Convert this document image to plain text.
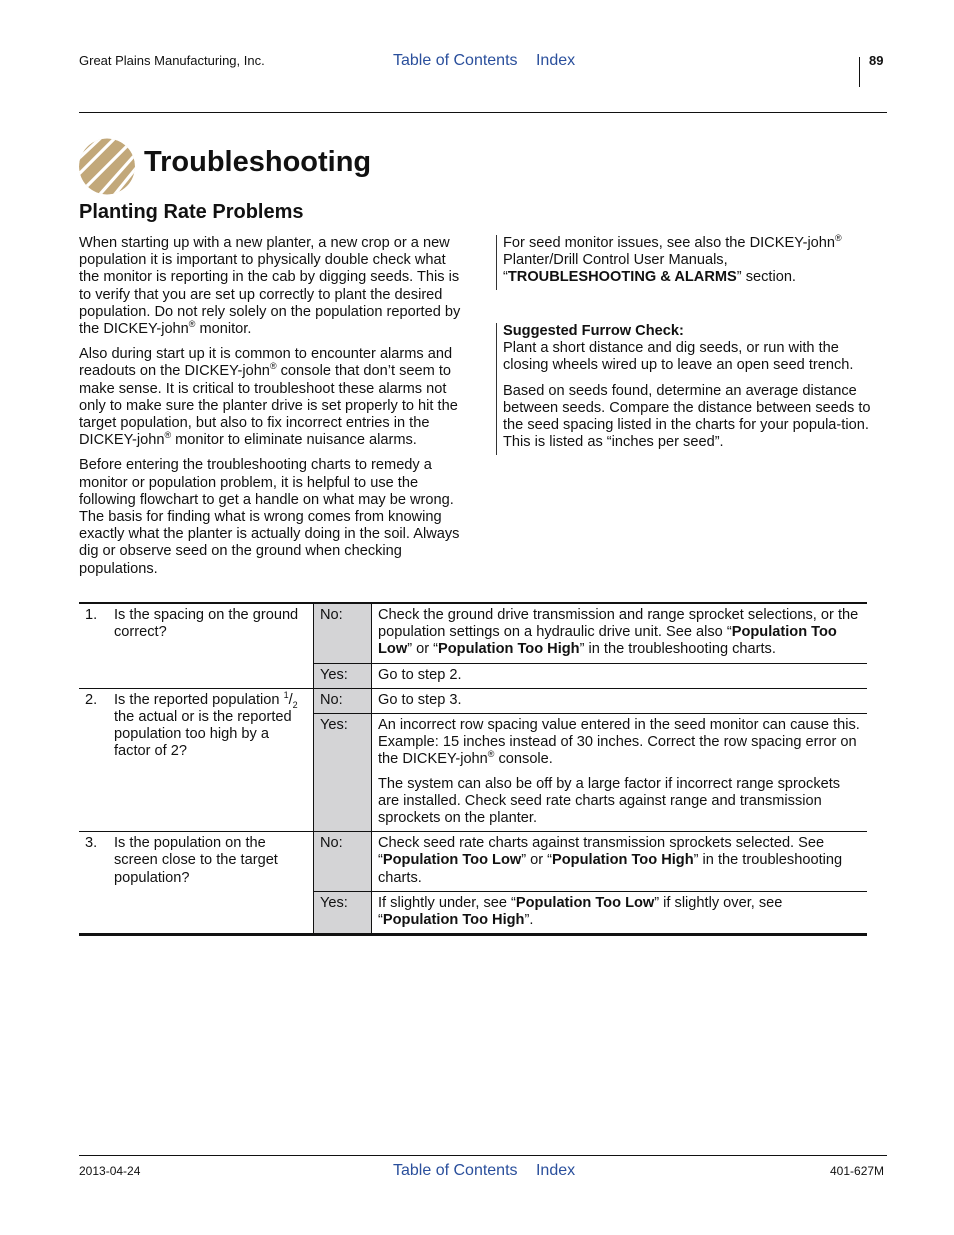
Great Plains Manufacturing, Inc.	Table of Contents Index	89
Troubleshooting
Planting Rate Problems

When starting up with a new planter, a new crop or a new population it is important to physically double check what the monitor is reporting in the cab by digging seeds. This is to verify that you are set up correctly to plant the desired population. Do not rely solely on the population reported by the DICKEY-john® monitor.

Also during start up it is common to encounter alarms and readouts on the DICKEY-john® console that don’t seem to make sense. It is critical to troubleshoot these alarms not only to make sure the planter drive is set properly to hit the target population, but also to fix incorrect entries in the DICKEY-john® monitor to eliminate nuisance alarms.

Before entering the troubleshooting charts to remedy a monitor or population problem, it is helpful to use the following flowchart to get a handle on what may be wrong. The basis for finding what is wrong comes from knowing exactly what the planter is actually doing in the soil. Always dig or observe seed on the ground when checking populations.

For seed monitor issues, see also the DICKEY-john® Planter/Drill Control User Manuals, “TROUBLESHOOTING & ALARMS” section.
Suggested Furrow Check:

Plant a short distance and dig seeds, or run with the closing wheels wired up to leave an open seed trench.

Based on seeds found, determine an average distance between seeds. Compare the distance between seeds to the seed spacing listed in the charts for your popula-tion. This is listed as “inches per seed”.

1.	Is the spacing on the ground correct?	No:	Check the ground drive transmission and range sprocket selections, or the population settings on a hydraulic drive unit. See also “Population Too Low” or “Population Too High” in the troubleshooting charts.
		Yes:	Go to step 2.
2.	Is the reported population $^1/_2$ the actual or is the reported population too high by a factor of 2?	No:	Go to step 3.
		Yes:	An incorrect row spacing value entered in the seed monitor can cause this. Example: 15 inches instead of 30 inches. Correct the row spacing error on the DICKEY-john® console.

The system can also be off by a large factor if incorrect range sprockets are installed. Check seed rate charts against range and transmission sprockets on the planter.

3.	Is the population on the screen close to the target population?	No:	Check seed rate charts against transmission sprockets selected. See “Population Too Low” or “Population Too High” in the troubleshooting charts.
		Yes:	If slightly under, see “Population Too Low” if slightly over, see “Population Too High”.
2013-04-24	Table of Contents Index	401-627M
